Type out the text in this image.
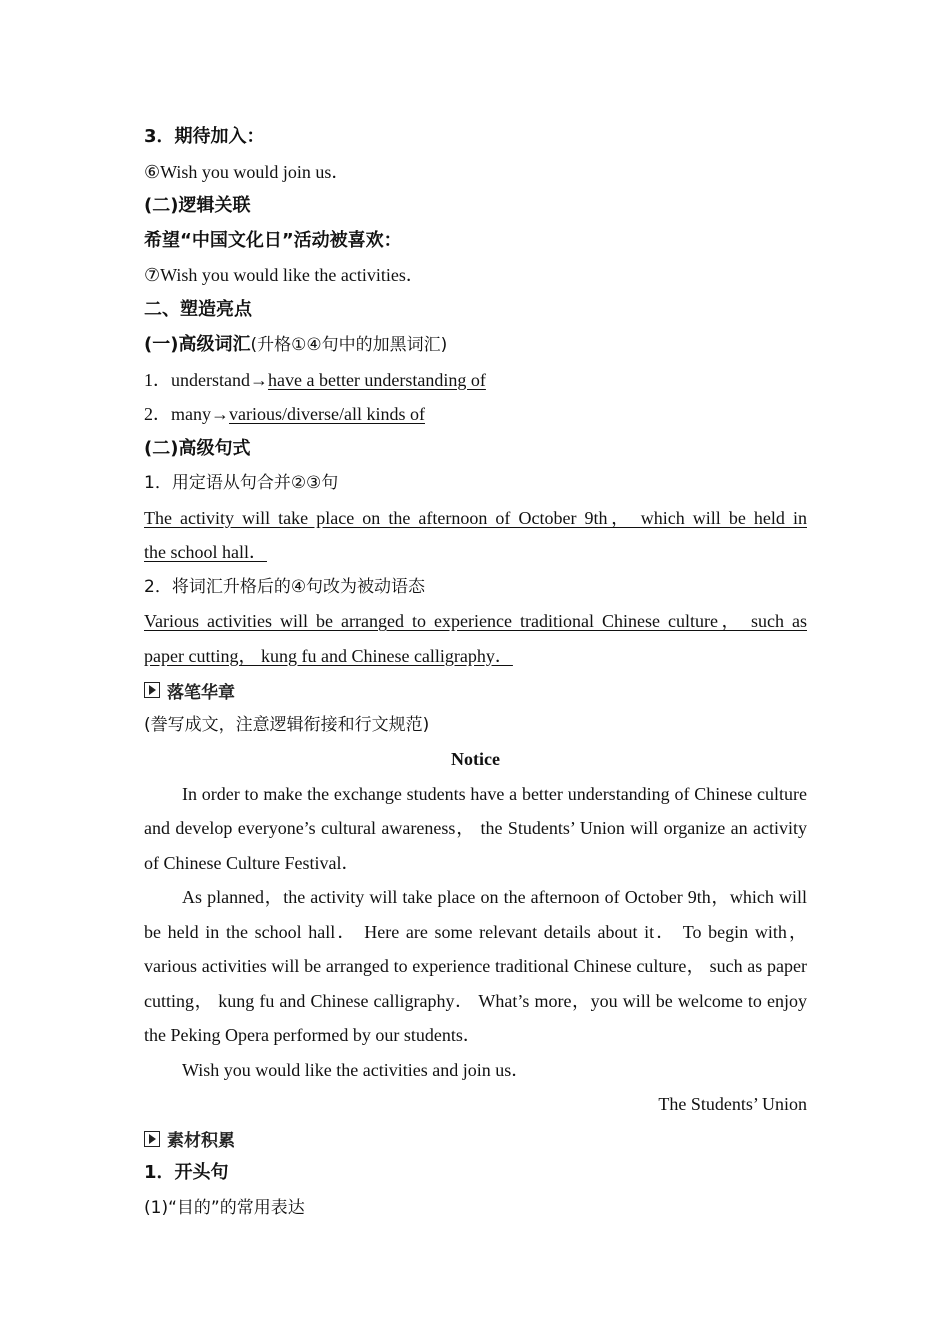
3．期待加入：
⑥Wish you would join us．
(二)逻辑关联
希望“中国文化日”活动被喜欢：
⑦Wish you would like the activities．
二、塑造亮点
(一)高级词汇(升格①④句中的加黑词汇)
1．understand→have a better understanding of
2．many→various/diverse/all kinds of
(二)高级句式
1．用定语从句合并②③句
The activity will take place on the afternoon of October 9th， which will be held in
the school hall．
2．将词汇升格后的④句改为被动语态
Various activities will be arranged to experience traditional Chinese culture， such as
paper cutting， kung fu and Chinese calligraphy．
落笔华章
(誊写成文，注意逻辑衔接和行文规范)
Notice
In order to make the exchange students have a better understanding of Chinese culture and develop everyone’s cultural awareness， the Students’ Union will organize an activity of Chinese Culture Festival．
As planned，the activity will take place on the afternoon of October 9th，which will be held in the school hall． Here are some relevant details about it． To begin with， various activities will be arranged to experience traditional Chinese culture， such as paper cutting， kung fu and Chinese calligraphy． What’s more，you will be welcome to enjoy the Peking Opera performed by our students．
Wish you would like the activities and join us．
The Students’ Union
素材积累
1．开头句
(1)“目的”的常用表达
